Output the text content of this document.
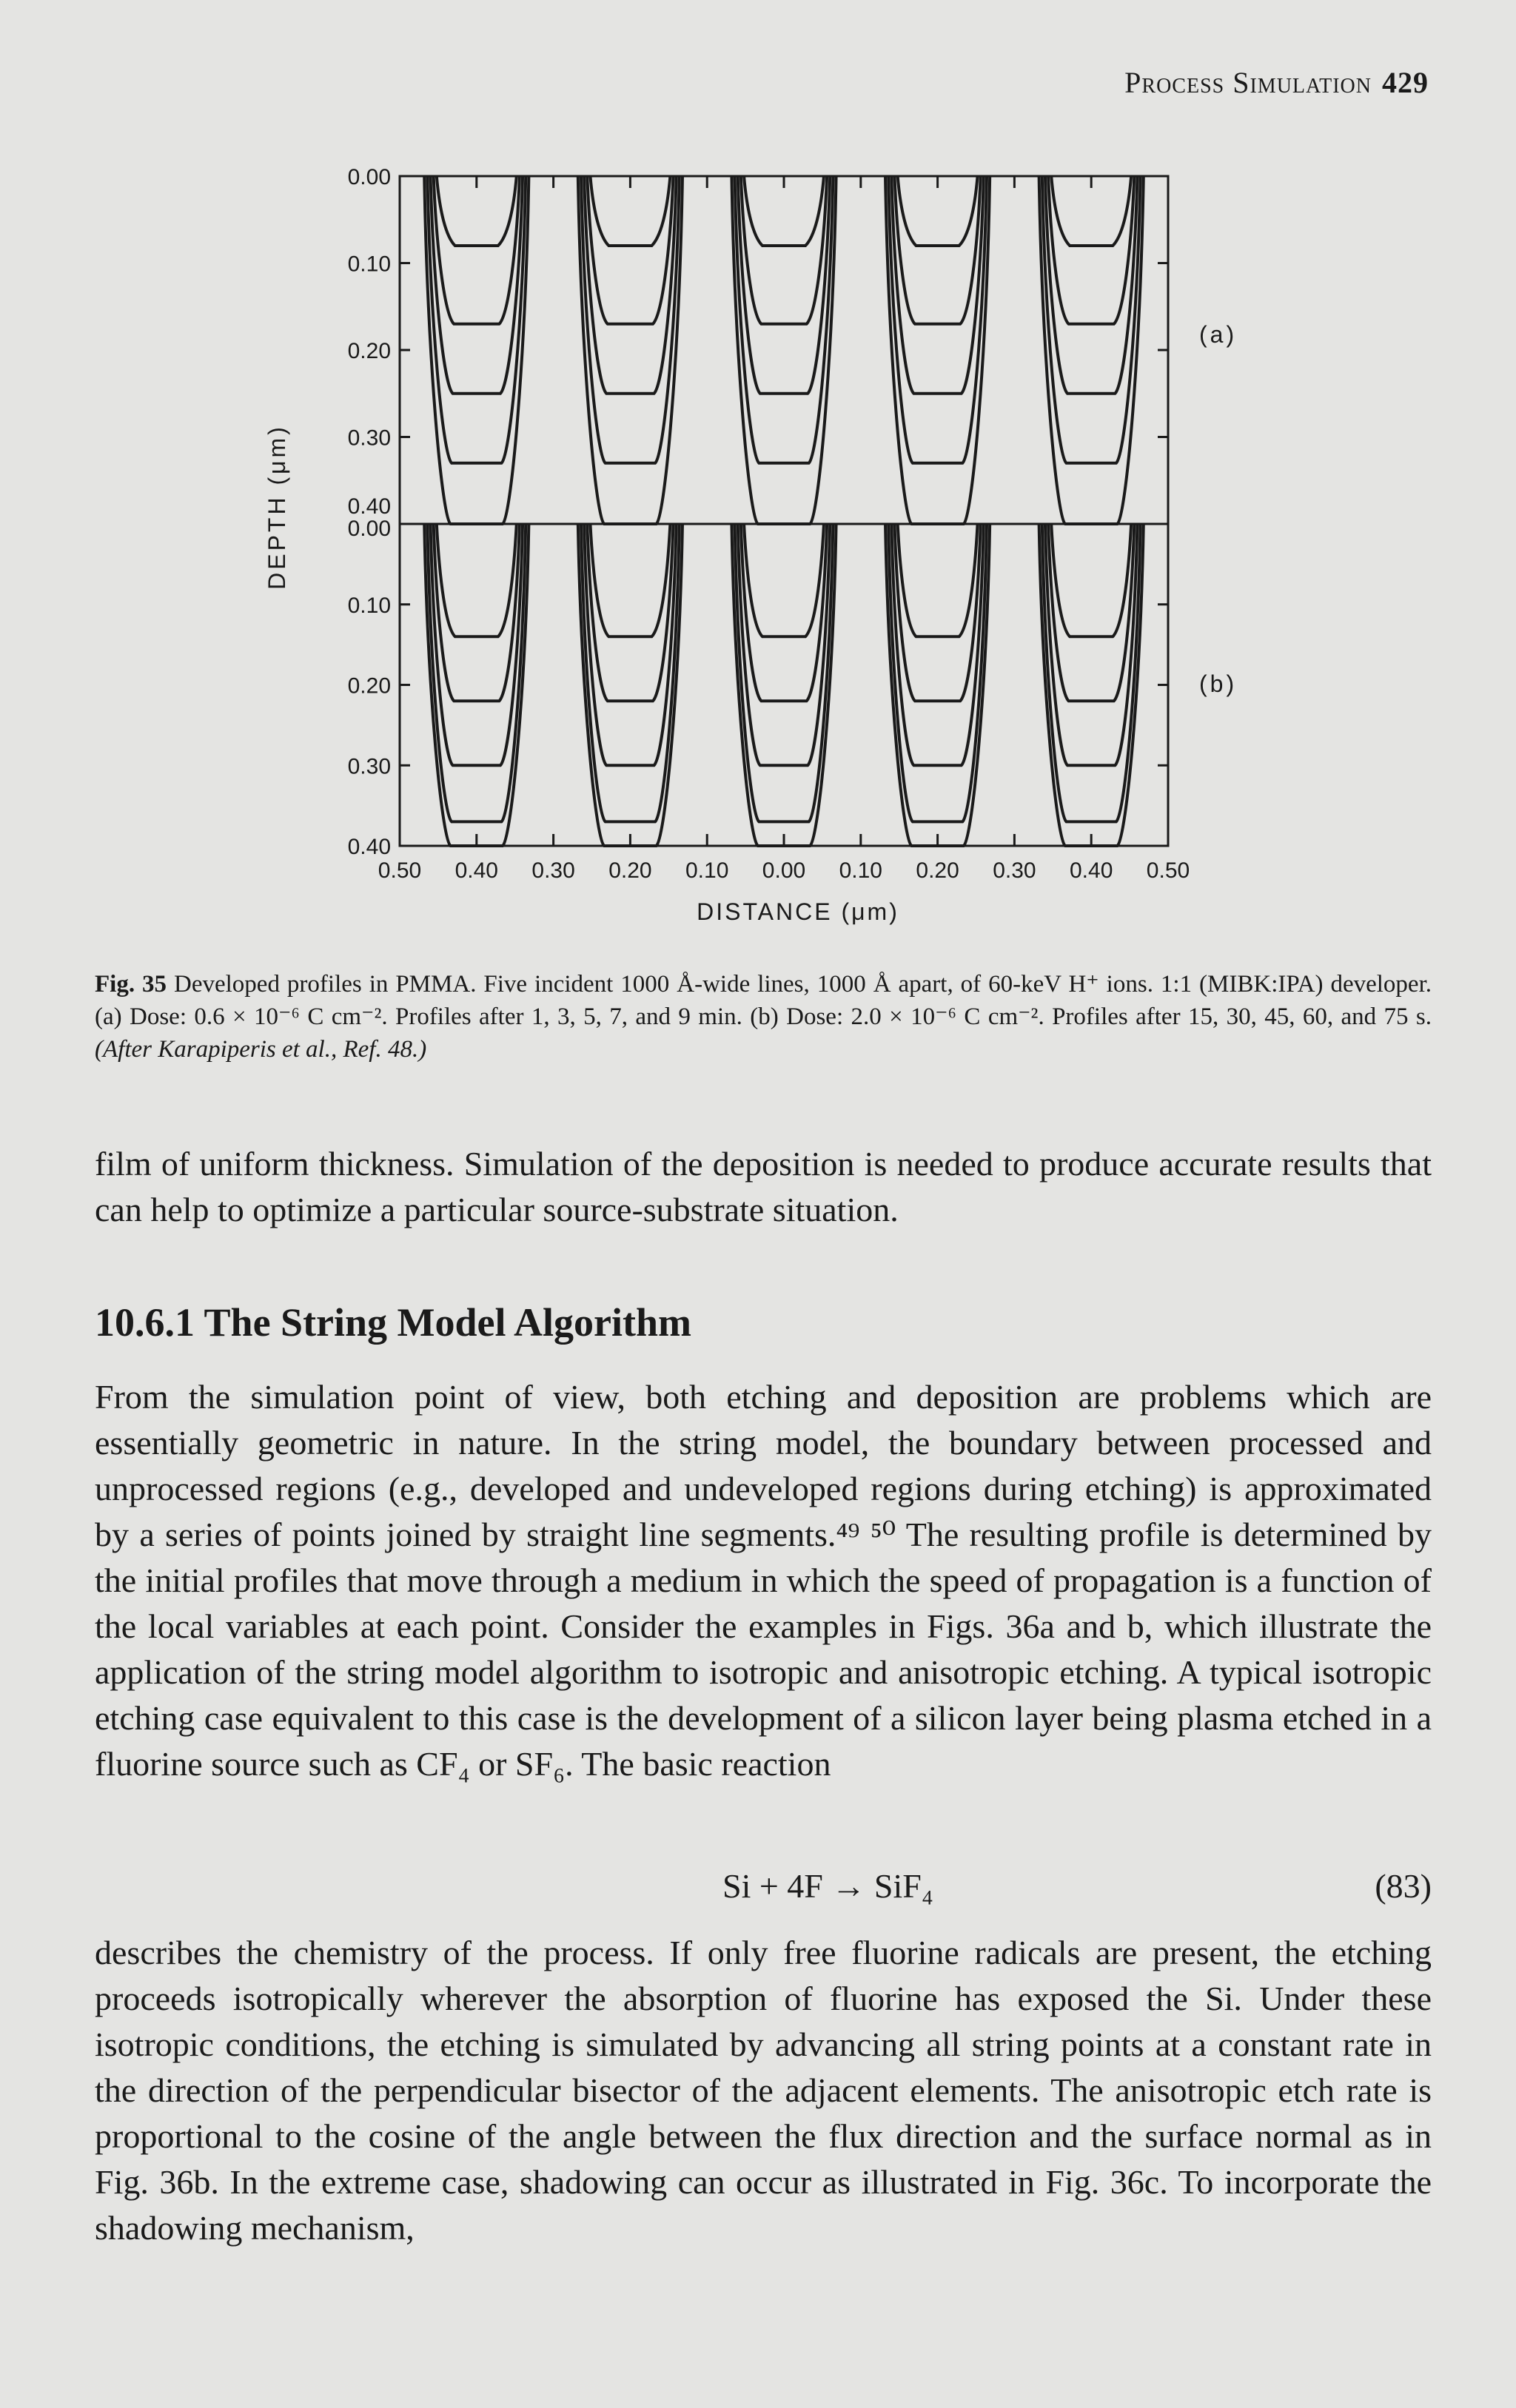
Process Simulation 429
0.00
0.10
0.20
0.30
0.40
0.00
0.10
0.20
0.30
0.40
0.50 0.40 0.30 0.20 0.10 0.00 0.10 0.20 0.30 0.40 0.50
DEPTH (μm)
DISTANCE (μm)
(a)
(b)
Fig. 35 Developed profiles in PMMA. Five incident 1000 Å-wide lines, 1000 Å apart, of 60-keV H⁺ ions. 1:1 (MIBK:IPA) developer. (a) Dose: 0.6 × 10⁻⁶ C cm⁻². Profiles after 1, 3, 5, 7, and 9 min. (b) Dose: 2.0 × 10⁻⁶ C cm⁻². Profiles after 15, 30, 45, 60, and 75 s. (After Karapiperis et al., Ref. 48.)
film of uniform thickness. Simulation of the deposition is needed to produce accurate results that can help to optimize a particular source-substrate situation.
10.6.1 The String Model Algorithm
From the simulation point of view, both etching and deposition are problems which are essentially geometric in nature. In the string model, the boundary between processed and unprocessed regions (e.g., developed and undeveloped regions during etching) is approximated by a series of points joined by straight line segments.⁴⁹ ⁵⁰ The resulting profile is determined by the initial profiles that move through a medium in which the speed of propagation is a function of the local variables at each point. Consider the examples in Figs. 36a and b, which illustrate the application of the string model algorithm to isotropic and anisotropic etching. A typical isotropic etching case equivalent to this case is the development of a silicon layer being plasma etched in a fluorine source such as CF₄ or SF₆. The basic reaction
Si + 4F → SiF₄	(83)
describes the chemistry of the process. If only free fluorine radicals are present, the etching proceeds isotropically wherever the absorption of fluorine has exposed the Si. Under these isotropic conditions, the etching is simulated by advancing all string points at a constant rate in the direction of the perpendicular bisector of the adjacent elements. The anisotropic etch rate is proportional to the cosine of the angle between the flux direction and the surface normal as in Fig. 36b. In the extreme case, shadowing can occur as illustrated in Fig. 36c. To incorporate the shadowing mechanism,
